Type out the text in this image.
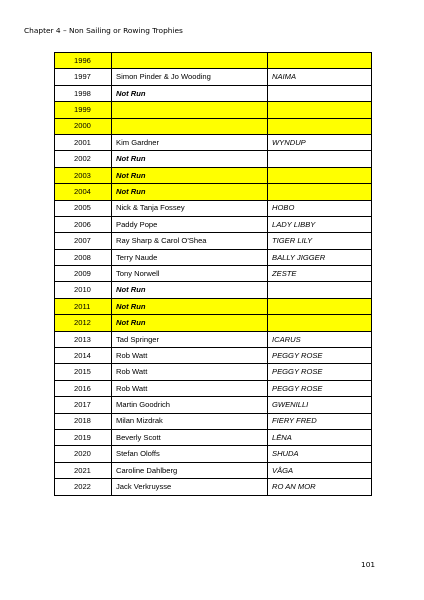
Chapter 4 – Non Sailing or Rowing Trophies
1996		
1997	Simon Pinder & Jo Wooding	NAIMA
1998	Not Run	
1999		
2000		
2001	Kim Gardner	WYNDUP
2002	Not Run	
2003	Not Run	
2004	Not Run	
2005	Nick & Tanja Fossey	HOBO
2006	Paddy Pope	LADY LIBBY
2007	Ray Sharp & Carol O'Shea	TIGER LILY
2008	Terry Naude	BALLY JIGGER
2009	Tony Norwell	ZESTE
2010	Not Run	
2011	Not Run	
2012	Not Run	
2013	Tad Springer	ICARUS
2014	Rob Watt	PEGGY ROSE
2015	Rob Watt	PEGGY ROSE
2016	Rob Watt	PEGGY ROSE
2017	Martin Goodrich	GWENILLI
2018	Milan Mizdrak	FIERY FRED
2019	Beverly Scott	LĒNA
2020	Stefan Oloffs	SHUDA
2021	Caroline Dahlberg	VÅGA
2022	Jack Verkruysse	RO AN MOR
101
